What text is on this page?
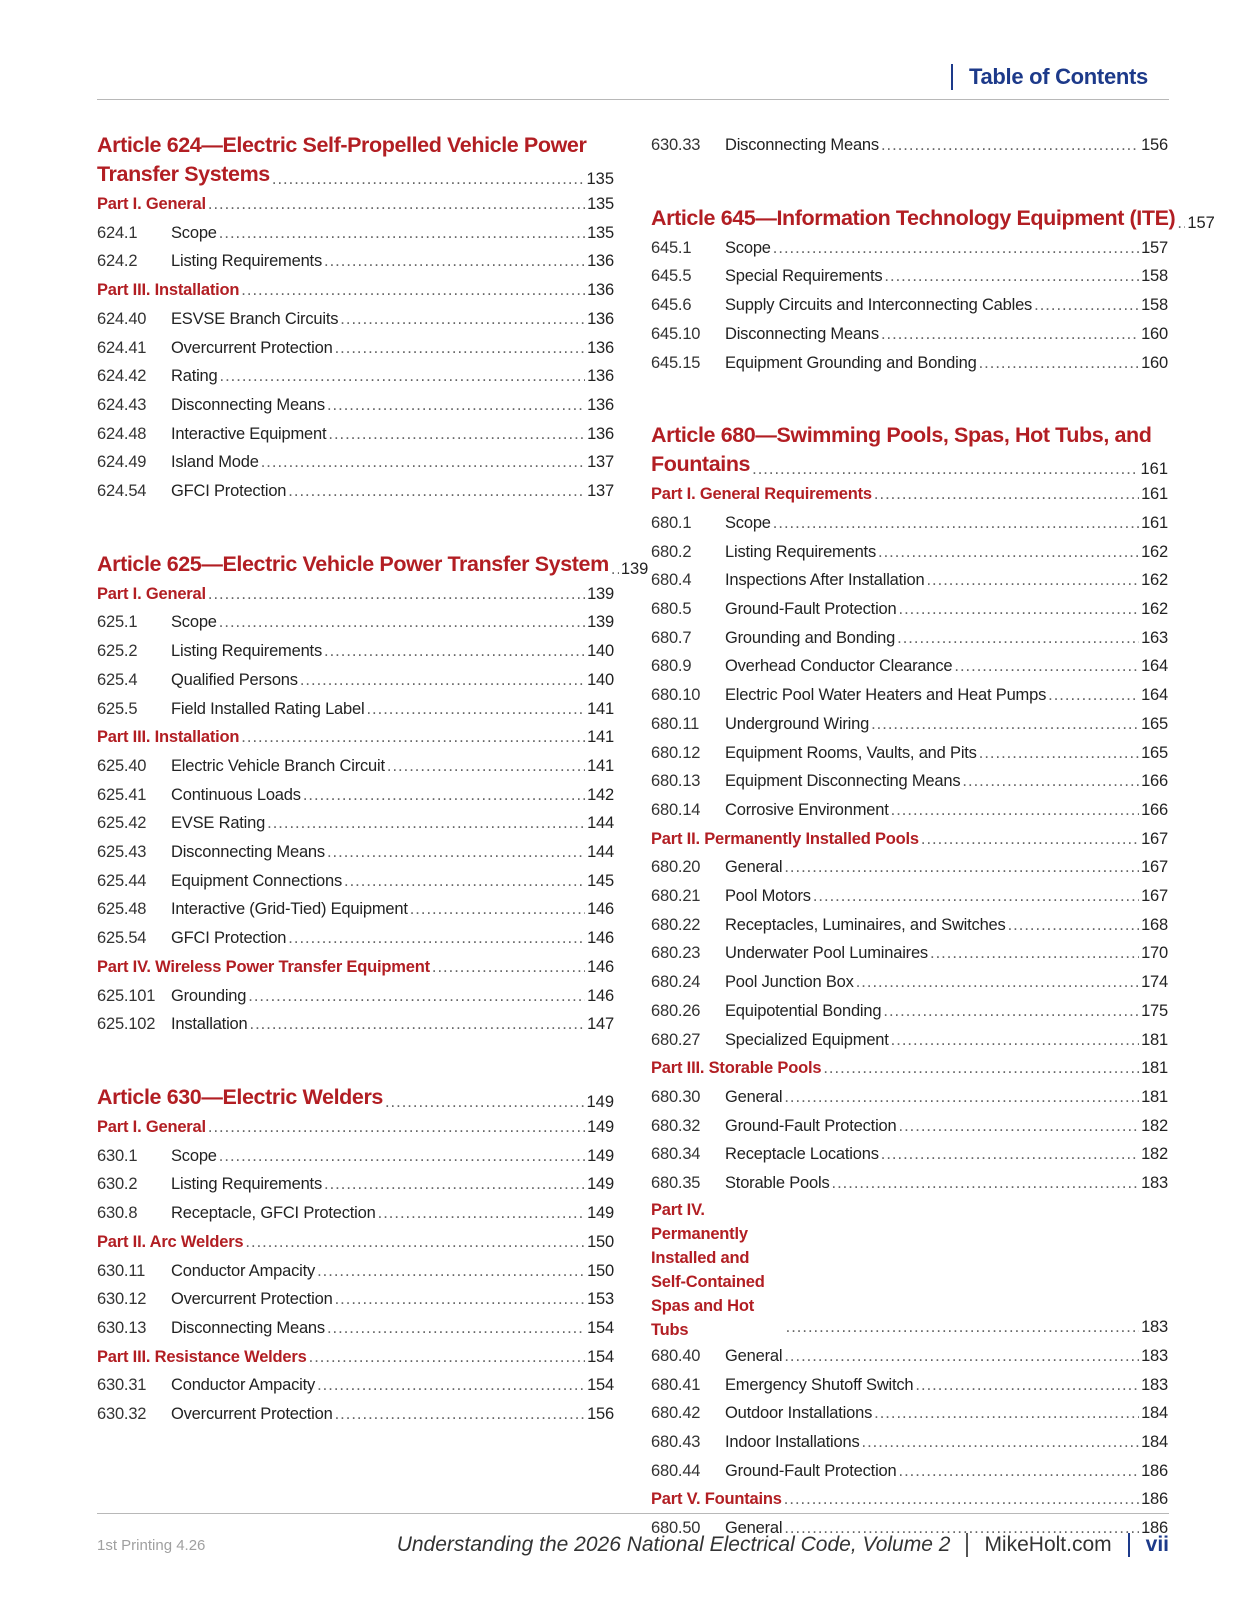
Table of Contents
Article 624—Electric Self-Propelled Vehicle Power
Transfer Systems .....	135
Part I. General .....	135
624.1	Scope .....	135
624.2	Listing Requirements .....	136
Part III. Installation .....	136
624.40	ESVSE Branch Circuits .....	136
624.41	Overcurrent Protection .....	136
624.42	Rating .....	136
624.43	Disconnecting Means .....	136
624.48	Interactive Equipment .....	136
624.49	Island Mode .....	137
624.54	GFCI Protection .....	137
Article 625—Electric Vehicle Power Transfer System ..... 139
Part I. General .....	139
625.1	Scope .....	139
625.2	Listing Requirements .....	140
625.4	Qualified Persons .....	140
625.5	Field Installed Rating Label .....	141
Part III. Installation .....	141
625.40	Electric Vehicle Branch Circuit .....	141
625.41	Continuous Loads .....	142
625.42	EVSE Rating .....	144
625.43	Disconnecting Means .....	144
625.44	Equipment Connections .....	145
625.48	Interactive (Grid-Tied) Equipment .....	146
625.54	GFCI Protection .....	146
Part IV. Wireless Power Transfer Equipment .....	146
625.101 Grounding .....	146
625.102 Installation .....	147
Article 630—Electric Welders .....	149
Part I. General .....	149
630.1	Scope .....	149
630.2	Listing Requirements .....	149
630.8	Receptacle, GFCI Protection .....	149
Part II. Arc Welders .....	150
630.11	Conductor Ampacity .....	150
630.12	Overcurrent Protection .....	153
630.13	Disconnecting Means .....	154
Part III. Resistance Welders .....	154
630.31	Conductor Ampacity .....	154
630.32	Overcurrent Protection .....	156
630.33	Disconnecting Means .....	156
Article 645—Information Technology Equipment (ITE) ..... 157
645.1	Scope .....	157
645.5	Special Requirements .....	158
645.6	Supply Circuits and Interconnecting Cables .....	158
645.10	Disconnecting Means .....	160
645.15	Equipment Grounding and Bonding .....	160
Article 680—Swimming Pools, Spas, Hot Tubs, and
Fountains .....	161
Part I. General Requirements .....	161
680.1	Scope .....	161
680.2	Listing Requirements .....	162
680.4	Inspections After Installation .....	162
680.5	Ground-Fault Protection .....	162
680.7	Grounding and Bonding .....	163
680.9	Overhead Conductor Clearance .....	164
680.10	Electric Pool Water Heaters and Heat Pumps .....	164
680.11	Underground Wiring .....	165
680.12	Equipment Rooms, Vaults, and Pits .....	165
680.13	Equipment Disconnecting Means .....	166
680.14	Corrosive Environment .....	166
Part II. Permanently Installed Pools .....	167
680.20	General .....	167
680.21	Pool Motors .....	167
680.22	Receptacles, Luminaires, and Switches .....	168
680.23	Underwater Pool Luminaires .....	170
680.24	Pool Junction Box .....	174
680.26	Equipotential Bonding .....	175
680.27	Specialized Equipment .....	181
Part III. Storable Pools .....	181
680.30	General .....	181
680.32	Ground-Fault Protection .....	182
680.34	Receptacle Locations .....	182
680.35	Storable Pools .....	183
Part IV. Permanently Installed and Self-Contained Spas and Hot Tubs .....	183
680.40	General .....	183
680.41	Emergency Shutoff Switch .....	183
680.42	Outdoor Installations .....	184
680.43	Indoor Installations .....	184
680.44	Ground-Fault Protection .....	186
Part V. Fountains .....	186
680.50	General .....	186
1st Printing 4.26	Understanding the 2026 National Electrical Code, Volume 2 MikeHolt.com vii
